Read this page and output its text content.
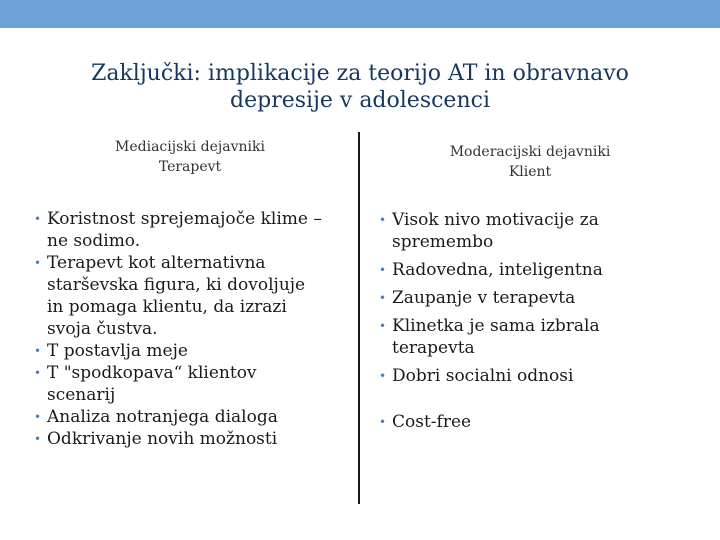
Zaključki: implikacije za teorijo AT in obravnavo depresije v adolescenci
Mediacijski dejavniki
Terapevt
Moderacijski dejavniki
Klient
• Koristnost sprejemajoče klime –
ne sodimo.
• Terapevt kot alternativna
starševska figura, ki dovoljuje
in pomaga klientu, da izrazi
svoja čustva.
• T postavlja meje
• T "spodkopava“ klientov
scenarij
• Analiza notranjega dialoga
• Odkrivanje novih možnosti
• Visok nivo motivacije za
spremembo
• Radovedna, inteligentna
• Zaupanje v terapevta
• Klinetka je sama izbrala
terapevta
• Dobri socialni odnosi
• Cost-free
